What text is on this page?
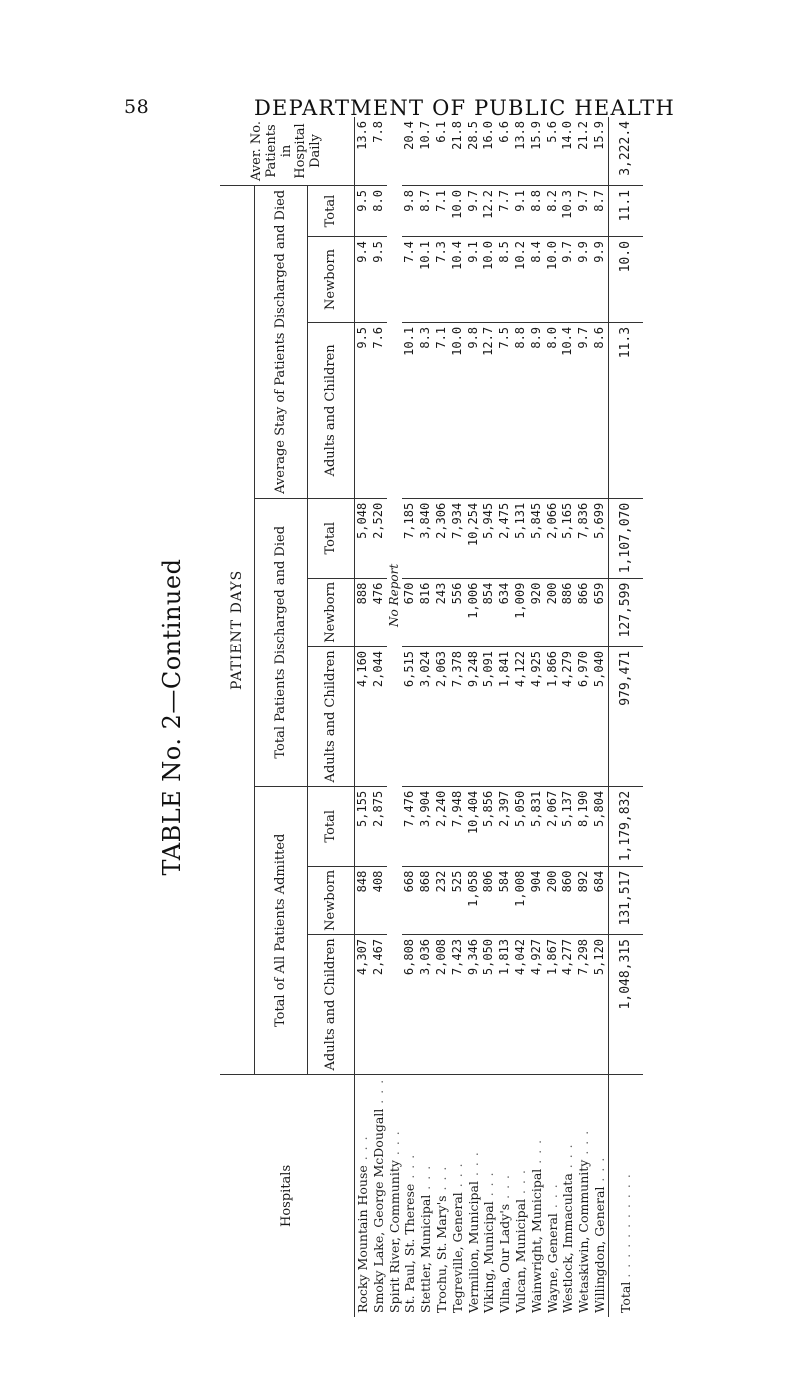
58	DEPARTMENT OF PUBLIC HEALTH
TABLE No. 2—Continued
Hospitals	PATIENT DAYS									Aver. No. Patients in Hospital Daily
	Total of All Patients Admitted			Total Patients Discharged and Died			Average Stay of Patients Discharged and Died			
	Adults and Children	Newborn	Total	Adults and Children	Newborn	Total	Adults and Children	Newborn	Total	
Rocky Mountain House . . .	4,307	848	5,155	4,160	888	5,048	9.5	9.4	9.5	13.6
Smoky Lake, George McDougall . . .	2,467	408	2,875	2,044	476	2,520	7.6	9.5	8.0	7.8
Spirit River, Community . . .	No Report									
St. Paul, St. Therese . . .	6,808	668	7,476	6,515	670	7,185	10.1	7.4	9.8	20.4
Stettler, Municipal . . .	3,036	868	3,904	3,024	816	3,840	8.3	10.1	8.7	10.7
Trochu, St. Mary's . . .	2,008	232	2,240	2,063	243	2,306	7.1	7.3	7.1	6.1
Tegreville, General . . .	7,423	525	7,948	7,378	556	7,934	10.0	10.4	10.0	21.8
Vermilion, Municipal . . .	9,346	1,058	10,404	9,248	1,006	10,254	9.8	9.1	9.7	28.5
Viking, Municipal . . .	5,050	806	5,856	5,091	854	5,945	12.7	10.0	12.2	16.0
Vilna, Our Lady's . . .	1,813	584	2,397	1,841	634	2,475	7.5	8.5	7.7	6.6
Vulcan, Municipal . . .	4,042	1,008	5,050	4,122	1,009	5,131	8.8	10.2	9.1	13.8
Wainwright, Municipal . . .	4,927	904	5,831	4,925	920	5,845	8.9	8.4	8.8	15.9
Wayne, General . . .	1,867	200	2,067	1,866	200	2,066	8.0	10.0	8.2	5.6
Westlock, Immaculata . . .	4,277	860	5,137	4,279	886	5,165	10.4	9.7	10.3	14.0
Wetaskiwin, Community . . .	7,298	892	8,190	6,970	866	7,836	9.7	9.9	9.7	21.2
Willingdon, General . . .	5,120	684	5,804	5,040	659	5,699	8.6	9.9	8.7	15.9
Total . . . . . . . . . . .	1,048,315	131,517	1,179,832	979,471	127,599	1,107,070	11.3	10.0	11.1	3,222.4
